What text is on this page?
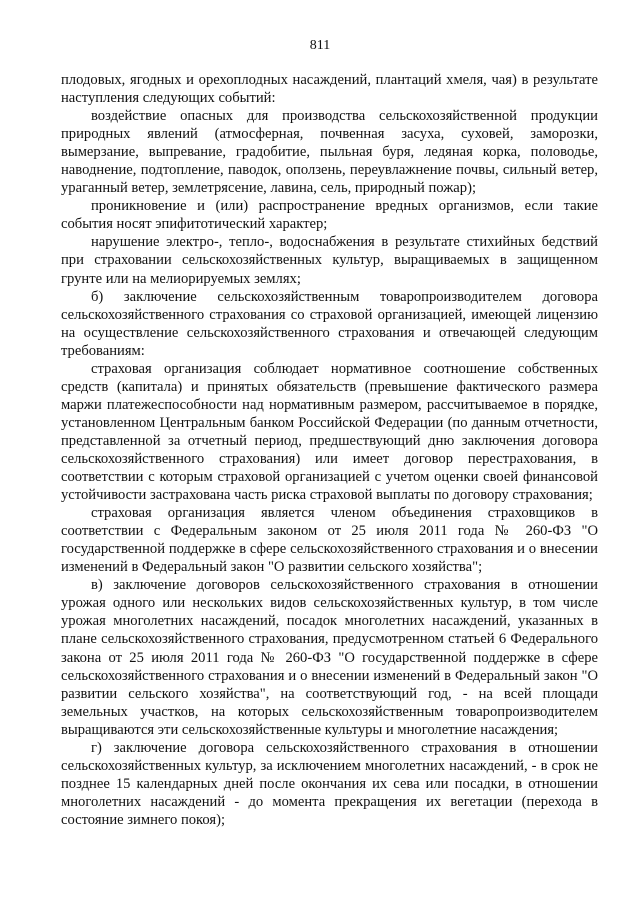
811

плодовых, ягодных и орехоплодных насаждений, плантаций хмеля, чая) в результате наступления следующих событий:

воздействие опасных для производства сельскохозяйственной продукции природных явлений (атмосферная, почвенная засуха, суховей, заморозки, вымерзание, выпревание, градобитие, пыльная буря, ледяная корка, половодье, наводнение, подтопление, паводок, оползень, переувлажнение почвы, сильный ветер, ураганный ветер, землетрясение, лавина, сель, природный пожар);

проникновение и (или) распространение вредных организмов, если такие события носят эпифитотический характер;

нарушение электро-, тепло-, водоснабжения в результате стихийных бедствий при страховании сельскохозяйственных культур, выращиваемых в защищенном грунте или на мелиорируемых землях;

б) заключение сельскохозяйственным товаропроизводителем договора сельскохозяйственного страхования со страховой организацией, имеющей лицензию на осуществление сельскохозяйственного страхования и отвечающей следующим требованиям:

страховая организация соблюдает нормативное соотношение собственных средств (капитала) и принятых обязательств (превышение фактического размера маржи платежеспособности над нормативным размером, рассчитываемое в порядке, установленном Центральным банком Российской Федерации (по данным отчетности, представленной за отчетный период, предшествующий дню заключения договора сельскохозяйственного страхования) или имеет договор перестрахования, в соответствии с которым страховой организацией с учетом оценки своей финансовой устойчивости застрахована часть риска страховой выплаты по договору страхования;

страховая организация является членом объединения страховщиков в соответствии с Федеральным законом от 25 июля 2011 года № 260-ФЗ "О государственной поддержке в сфере сельскохозяйственного страхования и о внесении изменений в Федеральный закон "О развитии сельского хозяйства";

в) заключение договоров сельскохозяйственного страхования в отношении урожая одного или нескольких видов сельскохозяйственных культур, в том числе урожая многолетних насаждений, посадок многолетних насаждений, указанных в плане сельскохозяйственного страхования, предусмотренном статьей 6 Федерального закона от 25 июля 2011 года № 260-ФЗ "О государственной поддержке в сфере сельскохозяйственного страхования и о внесении изменений в Федеральный закон "О развитии сельского хозяйства", на соответствующий год, - на всей площади земельных участков, на которых сельскохозяйственным товаропроизводителем выращиваются эти сельскохозяйственные культуры и многолетние насаждения;

г) заключение договора сельскохозяйственного страхования в отношении сельскохозяйственных культур, за исключением многолетних насаждений, - в срок не позднее 15 календарных дней после окончания их сева или посадки, в отношении многолетних насаждений - до момента прекращения их вегетации (перехода в состояние зимнего покоя);
